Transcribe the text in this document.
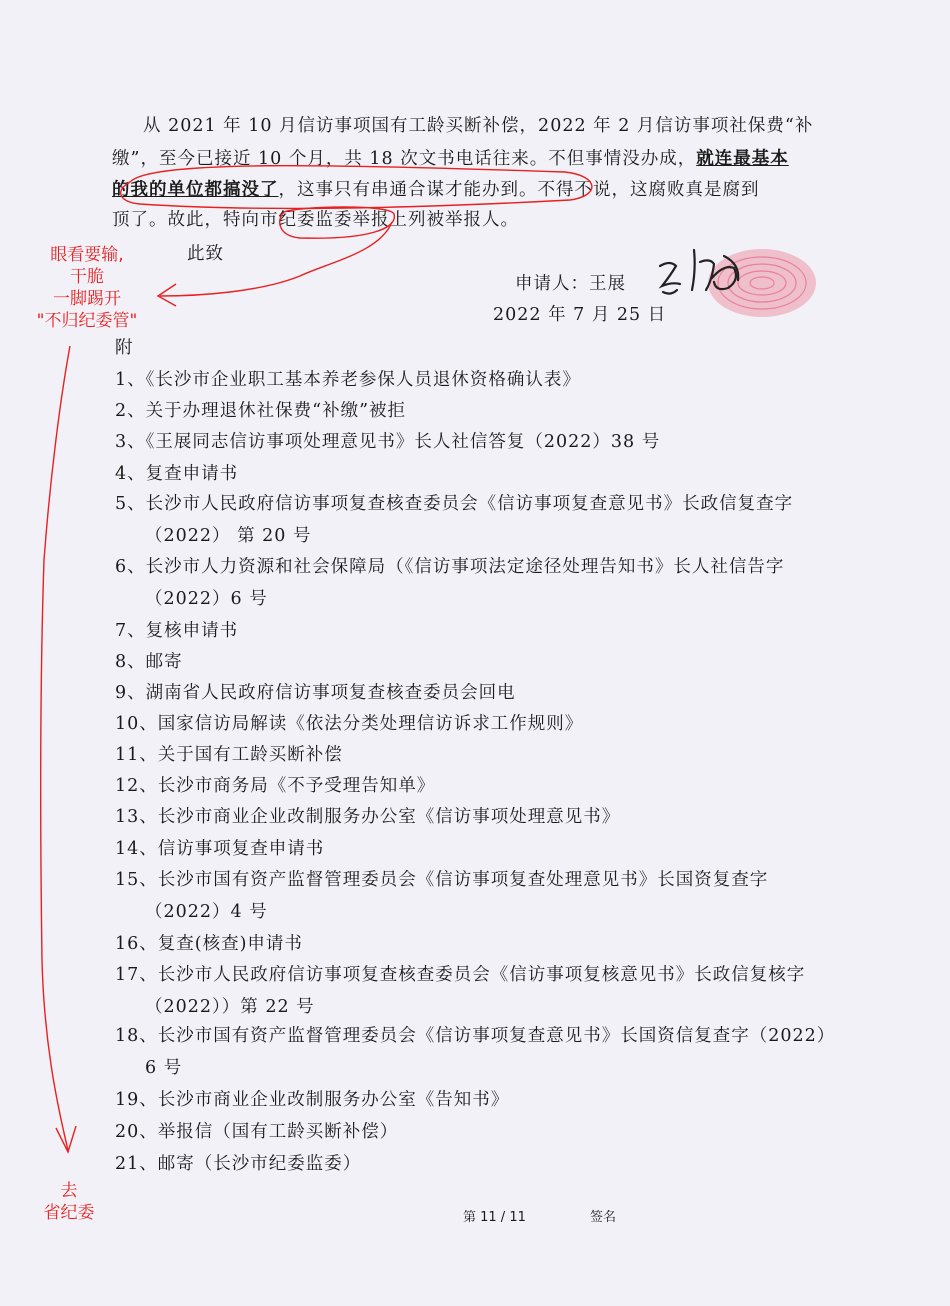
从 2021 年 10 月信访事项国有工龄买断补偿，2022 年 2 月信访事项社保费“补
缴”，至今已接近 10 个月，共 18 次文书电话往来。不但事情没办成，就连最基本
的我的单位都搞没了，这事只有串通合谋才能办到。不得不说，这腐败真是腐到
顶了。故此，特向市纪委监委举报上列被举报人。
此致
申请人：王展
2022 年 7 月 25 日
附
1、《长沙市企业职工基本养老参保人员退休资格确认表》
2、关于办理退休社保费“补缴”被拒
3、《王展同志信访事项处理意见书》长人社信答复（2022）38 号
4、复查申请书
5、长沙市人民政府信访事项复查核查委员会《信访事项复查意见书》长政信复查字
（2022） 第 20 号
6、长沙市人力资源和社会保障局（《信访事项法定途径处理告知书》长人社信告字
（2022）6 号
7、复核申请书
8、邮寄
9、湖南省人民政府信访事项复查核查委员会回电
10、国家信访局解读《依法分类处理信访诉求工作规则》
11、关于国有工龄买断补偿
12、长沙市商务局《不予受理告知单》
13、长沙市商业企业改制服务办公室《信访事项处理意见书》
14、信访事项复查申请书
15、长沙市国有资产监督管理委员会《信访事项复查处理意见书》长国资复查字
（2022）4 号
16、复查(核查)申请书
17、长沙市人民政府信访事项复查核查委员会《信访事项复核意见书》长政信复核字
（2022））第 22 号
18、长沙市国有资产监督管理委员会《信访事项复查意见书》长国资信复查字（2022）
6 号
19、长沙市商业企业改制服务办公室《告知书》
20、举报信（国有工龄买断补偿）
21、邮寄（长沙市纪委监委）
第 11 / 11	签名
眼看要输,
干脆
一脚踢开
"不归纪委管"
去
省纪委
